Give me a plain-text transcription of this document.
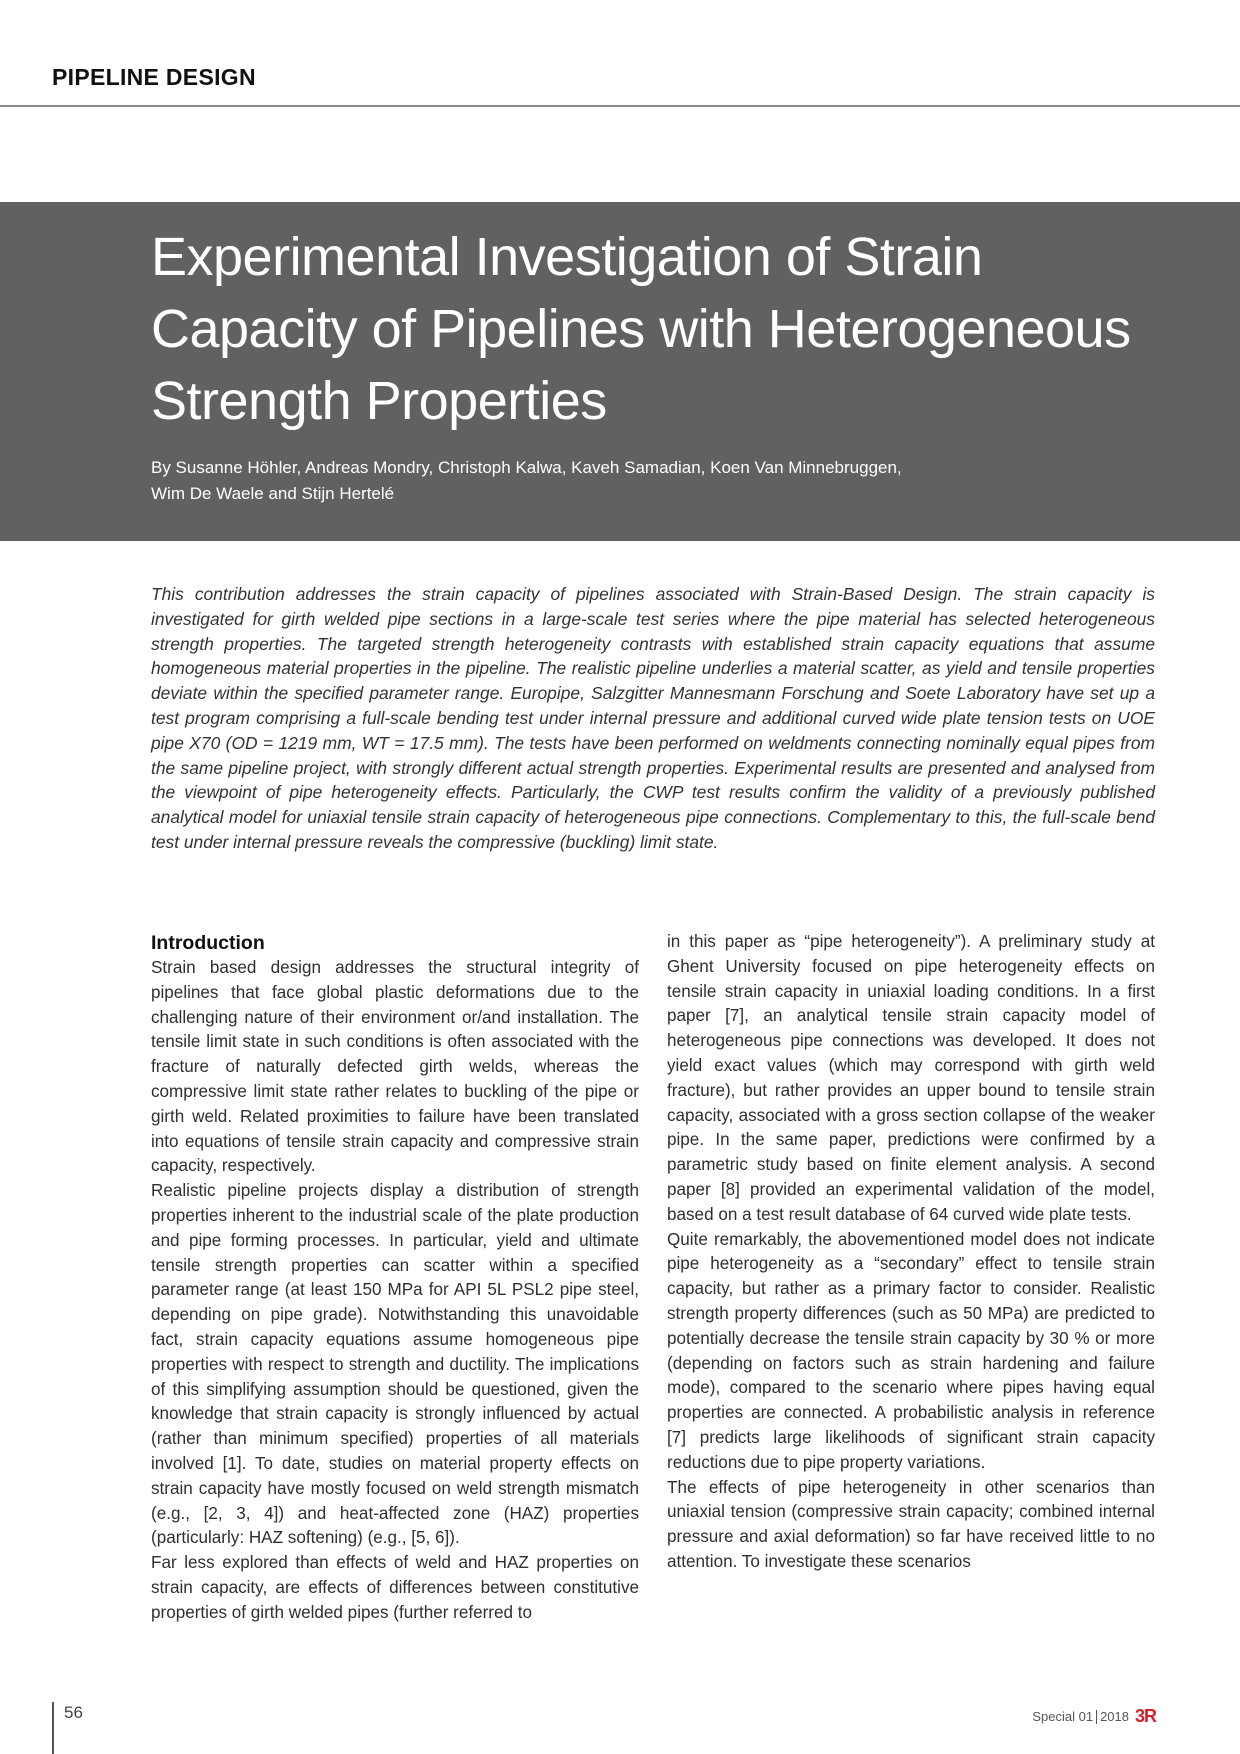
PIPELINE DESIGN
Experimental Investigation of Strain
Capacity of Pipelines with Heterogeneous
Strength Properties
By Susanne Höhler, Andreas Mondry, Christoph Kalwa, Kaveh Samadian, Koen Van Minnebruggen,
Wim De Waele and Stijn Hertelé
This contribution addresses the strain capacity of pipelines associated with Strain-Based Design. The strain capacity is investigated for girth welded pipe sections in a large-scale test series where the pipe material has selected heterogeneous strength properties. The targeted strength heterogeneity contrasts with established strain capacity equations that assume homogeneous material properties in the pipeline. The realistic pipeline underlies a material scatter, as yield and tensile properties deviate within the specified parameter range. Europipe, Salzgitter Mannesmann Forschung and Soete Laboratory have set up a test program comprising a full-scale bending test under internal pressure and additional curved wide plate tension tests on UOE pipe X70 (OD = 1219 mm, WT = 17.5 mm). The tests have been performed on weldments connecting nominally equal pipes from the same pipeline project, with strongly different actual strength properties. Experimental results are presented and analysed from the viewpoint of pipe heterogeneity effects. Particularly, the CWP test results confirm the validity of a previously published analytical model for uniaxial tensile strain capacity of heterogeneous pipe connections. Complementary to this, the full-scale bend test under internal pressure reveals the compressive (buckling) limit state.
Introduction

Strain based design addresses the structural integrity of pipelines that face global plastic deformations due to the challenging nature of their environment or/and installation. The tensile limit state in such conditions is often associated with the fracture of naturally defected girth welds, whereas the compressive limit state rather relates to buckling of the pipe or girth weld. Related proximities to failure have been translated into equations of tensile strain capacity and compressive strain capacity, respectively.

Realistic pipeline projects display a distribution of strength properties inherent to the industrial scale of the plate production and pipe forming processes. In particular, yield and ultimate tensile strength properties can scatter within a specified parameter range (at least 150 MPa for API 5L PSL2 pipe steel, depending on pipe grade). Notwithstanding this unavoidable fact, strain capacity equations assume homogeneous pipe properties with respect to strength and ductility. The implications of this simplifying assumption should be questioned, given the knowledge that strain capacity is strongly influenced by actual (rather than minimum specified) properties of all materials involved [1]. To date, studies on material property effects on strain capacity have mostly focused on weld strength mismatch (e.g., [2, 3, 4]) and heat-affected zone (HAZ) properties (particularly: HAZ softening) (e.g., [5, 6]).

Far less explored than effects of weld and HAZ properties on strain capacity, are effects of differences between constitutive properties of girth welded pipes (further referred to

in this paper as “pipe heterogeneity”). A preliminary study at Ghent University focused on pipe heterogeneity effects on tensile strain capacity in uniaxial loading conditions. In a first paper [7], an analytical tensile strain capacity model of heterogeneous pipe connections was developed. It does not yield exact values (which may correspond with girth weld fracture), but rather provides an upper bound to tensile strain capacity, associated with a gross section collapse of the weaker pipe. In the same paper, predictions were confirmed by a parametric study based on finite element analysis. A second paper [8] provided an experimental validation of the model, based on a test result database of 64 curved wide plate tests.

Quite remarkably, the abovementioned model does not indicate pipe heterogeneity as a “secondary” effect to tensile strain capacity, but rather as a primary factor to consider. Realistic strength property differences (such as 50 MPa) are predicted to potentially decrease the tensile strain capacity by 30 % or more (depending on factors such as strain hardening and failure mode), compared to the scenario where pipes having equal properties are connected. A probabilistic analysis in reference [7] predicts large likelihoods of significant strain capacity reductions due to pipe property variations.

The effects of pipe heterogeneity in other scenarios than uniaxial tension (compressive strain capacity; combined internal pressure and axial deformation) so far have received little to no attention. To investigate these scenarios

56	Special 01 2018 3R
